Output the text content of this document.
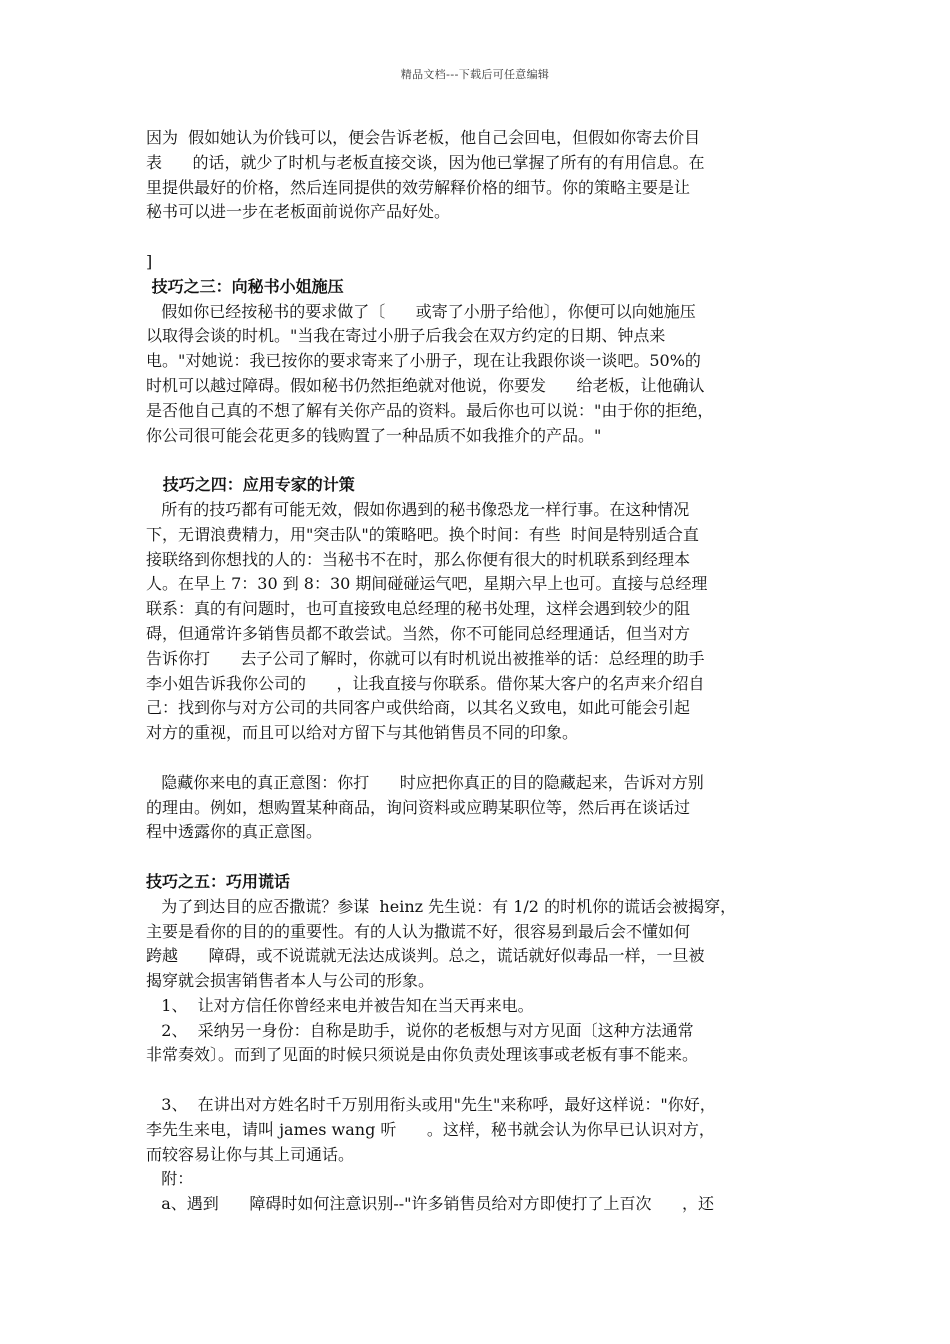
精品文档---下载后可任意编辑
因为  假如她认为价钱可以，便会告诉老板，他自己会回电，但假如你寄去价目
表      的话，就少了时机与老板直接交谈，因为他已掌握了所有的有用信息。在
里提供最好的价格，然后连同提供的效劳解释价格的细节。你的策略主要是让
秘书可以进一步在老板面前说你产品好处。
]
技巧之三：向秘书小姐施压
假如你已经按秘书的要求做了〔      或寄了小册子给他〕，你便可以向她施压
以取得会谈的时机。"当我在寄过小册子后我会在双方约定的日期、钟点来
电。"对她说：我已按你的要求寄来了小册子，现在让我跟你谈一谈吧。50%的
时机可以越过障碍。假如秘书仍然拒绝就对他说，你要发      给老板，让他确认
是否他自己真的不想了解有关你产品的资料。最后你也可以说："由于你的拒绝，
你公司很可能会花更多的钱购置了一种品质不如我推介的产品。"
技巧之四：应用专家的计策
所有的技巧都有可能无效，假如你遇到的秘书像恐龙一样行事。在这种情况
下，无谓浪费精力，用"突击队"的策略吧。换个时间：有些  时间是特别适合直
接联络到你想找的人的：当秘书不在时，那么你便有很大的时机联系到经理本
人。在早上 7：30 到 8：30 期间碰碰运气吧，星期六早上也可。直接与总经理
联系：真的有问题时，也可直接致电总经理的秘书处理，这样会遇到较少的阻
碍，但通常许多销售员都不敢尝试。当然，你不可能同总经理通话，但当对方
告诉你打      去子公司了解时，你就可以有时机说出被推举的话：总经理的助手
李小姐告诉我你公司的      ，让我直接与你联系。借你某大客户的名声来介绍自
己：找到你与对方公司的共同客户或供给商，以其名义致电，如此可能会引起
对方的重视，而且可以给对方留下与其他销售员不同的印象。
隐藏你来电的真正意图：你打      时应把你真正的目的隐藏起来，告诉对方别
的理由。例如，想购置某种商品，询问资料或应聘某职位等，然后再在谈话过
程中透露你的真正意图。
技巧之五：巧用谎话
为了到达目的应否撒谎？参谋  heinz 先生说：有 1/2 的时机你的谎话会被揭穿，
主要是看你的目的的重要性。有的人认为撒谎不好，很容易到最后会不懂如何
跨越      障碍，或不说谎就无法达成谈判。总之，谎话就好似毒品一样，一旦被
揭穿就会损害销售者本人与公司的形象。
1、  让对方信任你曾经来电并被告知在当天再来电。
2、  采纳另一身份：自称是助手，说你的老板想与对方见面〔这种方法通常
非常奏效〕。而到了见面的时候只须说是由你负责处理该事或老板有事不能来。
3、  在讲出对方姓名时千万别用衔头或用"先生"来称呼，最好这样说："你好，
李先生来电，请叫 james wang 听      。这样，秘书就会认为你早已认识对方，
而较容易让你与其上司通话。
附：
a、遇到      障碍时如何注意识别--"许多销售员给对方即使打了上百次      ，还
